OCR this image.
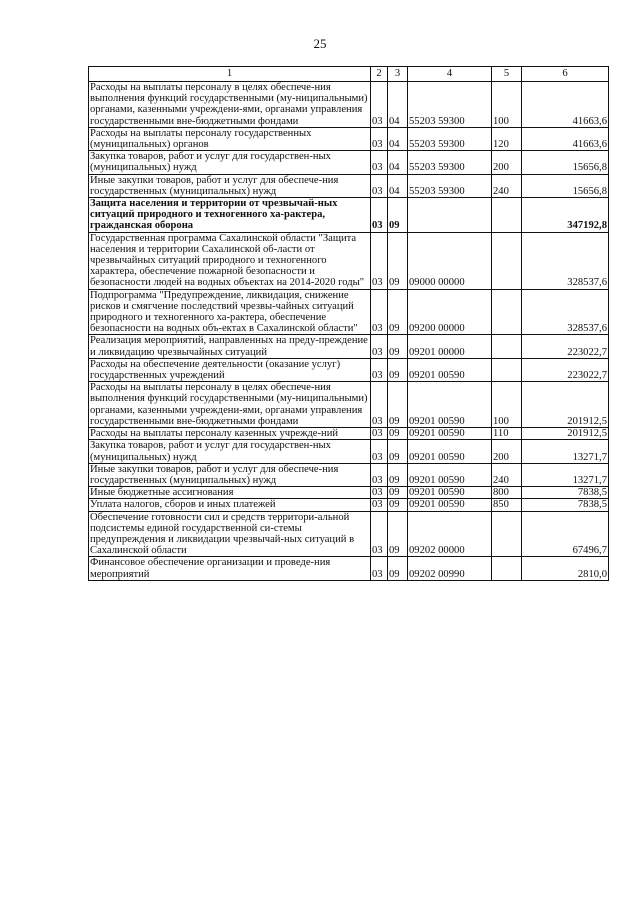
25
1	2	3	4	5	6
Расходы на выплаты персоналу в целях обеспече-ния выполнения функций государственными (му-ниципальными) органами, казенными учреждени-ями, органами управления государственными вне-бюджетными фондами	03	04	55203 59300	100	41663,6
Расходы на выплаты персоналу государственных (муниципальных) органов	03	04	55203 59300	120	41663,6
Закупка товаров, работ и услуг для государствен-ных (муниципальных) нужд	03	04	55203 59300	200	15656,8
Иные закупки товаров, работ и услуг для обеспече-ния государственных (муниципальных) нужд	03	04	55203 59300	240	15656,8
Защита населения и территории от чрезвычай-ных ситуаций природного и техногенного ха-рактера, гражданская оборона	03	09			347192,8
Государственная программа Сахалинской области "Защита населения и территории Сахалинской об-ласти от чрезвычайных ситуаций природного и техногенного характера, обеспечение пожарной безопасности и безопасности людей на водных объектах на 2014-2020 годы"	03	09	09000 00000		328537,6
Подпрограмма "Предупреждение, ликвидация, снижение рисков и смягчение последствий чрезвы-чайных ситуаций природного и техногенного ха-рактера, обеспечение безопасности на водных объ-ектах в Сахалинской области"	03	09	09200 00000		328537,6
Реализация мероприятий, направленных на преду-преждение и ликвидацию чрезвычайных ситуаций	03	09	09201 00000		223022,7
Расходы на обеспечение деятельности (оказание услуг) государственных учреждений	03	09	09201 00590		223022,7
Расходы на выплаты персоналу в целях обеспече-ния выполнения функций государственными (му-ниципальными) органами, казенными учреждени-ями, органами управления государственными вне-бюджетными фондами	03	09	09201 00590	100	201912,5
Расходы на выплаты персоналу казенных учрежде-ний	03	09	09201 00590	110	201912,5
Закупка товаров, работ и услуг для государствен-ных (муниципальных) нужд	03	09	09201 00590	200	13271,7
Иные закупки товаров, работ и услуг для обеспече-ния государственных (муниципальных) нужд	03	09	09201 00590	240	13271,7
Иные бюджетные ассигнования	03	09	09201 00590	800	7838,5
Уплата налогов, сборов и иных платежей	03	09	09201 00590	850	7838,5
Обеспечение готовности сил и средств территори-альной подсистемы единой государственной си-стемы предупреждения и ликвидации чрезвычай-ных ситуаций в Сахалинской области	03	09	09202 00000		67496,7
Финансовое обеспечение организации и проведе-ния мероприятий	03	09	09202 00990		2810,0
